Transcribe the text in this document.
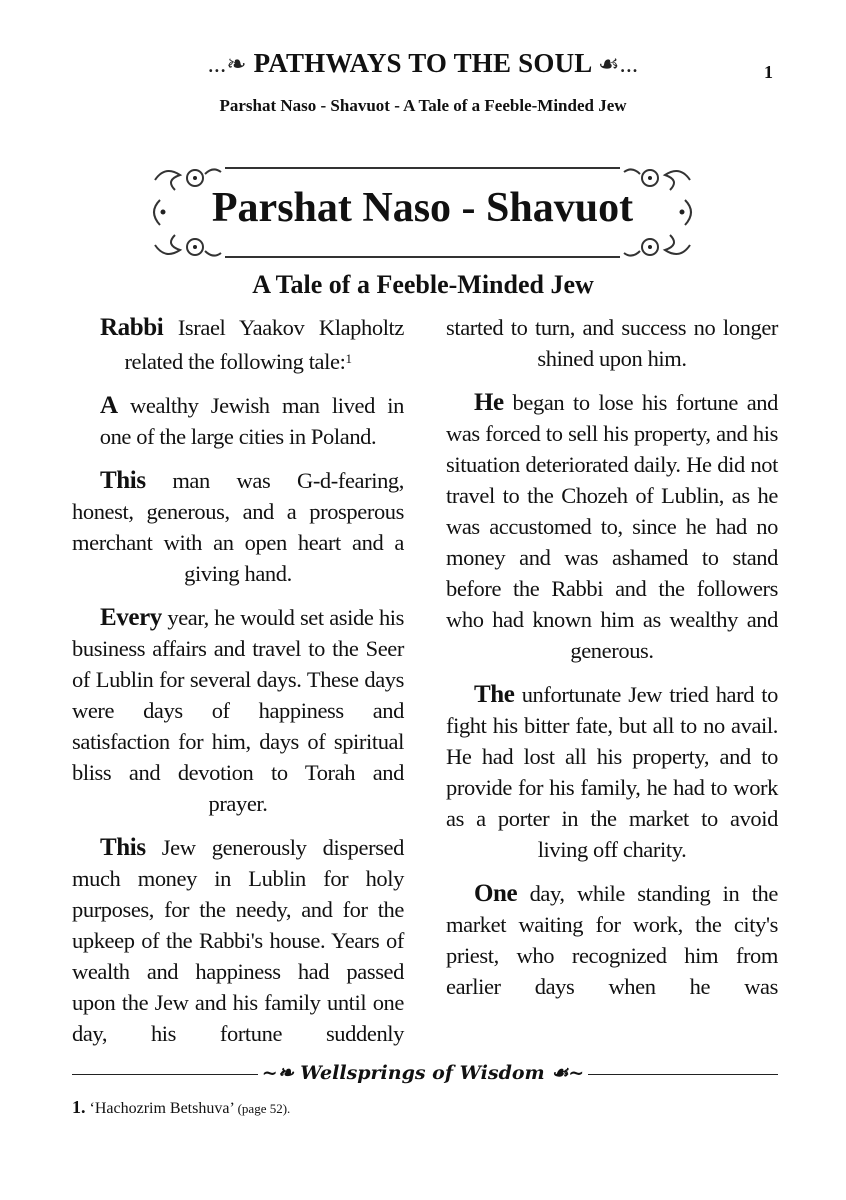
...❧ PATHWAYS TO THE SOUL ☙...	1
Parshat Naso - Shavuot - A Tale of a Feeble-Minded Jew
Parshat Naso - Shavuot
A Tale of a Feeble-Minded Jew

Rabbi Israel Yaakov Klapholtz related the following tale:$^1$

A wealthy Jewish man lived in one of the large cities in Poland.

This man was G-d-fearing, honest, generous, and a prosperous merchant with an open heart and a giving hand.

Every year, he would set aside his business affairs and travel to the Seer of Lublin for several days. These days were days of happiness and satisfaction for him, days of spiritual bliss and devotion to Torah and prayer.

This Jew generously dispersed much money in Lublin for holy purposes, for the needy, and for the upkeep of the Rabbi's house. Years of wealth and happiness had passed upon the Jew and his family until one day, his fortune suddenly

started to turn, and success no longer shined upon him.

He began to lose his fortune and was forced to sell his property, and his situation deteriorated daily. He did not travel to the Chozeh of Lublin, as he was accustomed to, since he had no money and was ashamed to stand before the Rabbi and the followers who had known him as wealthy and generous.

The unfortunate Jew tried hard to fight his bitter fate, but all to no avail. He had lost all his property, and to provide for his family, he had to work as a porter in the market to avoid living off charity.

One day, while standing in the market waiting for work, the city's priest, who recognized him from earlier days when he was

~❧ Wellsprings of Wisdom ☙~
1. ‘Hachozrim Betshuva’ (page 52).
